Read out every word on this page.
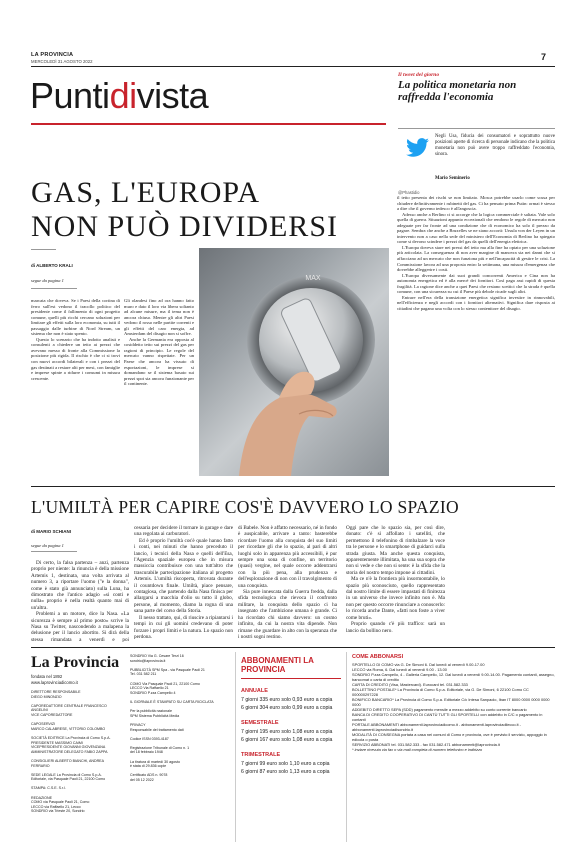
LA PROVINCIA
MERCOLEDÌ 31 AGOSTO 2022	7
Puntidivista	Il tweet del giorno
La politica monetaria non raffredda l'economia
Negli Usa, fiducia dei consumatori e soprattutto nuove posizioni aperte di ricerca di personale indicano che la politica monetaria non può avere troppo raffreddato l'economia, sinora.
Mario Seminerio
@Phastidio
GAS, L'EUROPA
NON PUÒ DIVIDERSI
di ALBERTO KRALI
segue da pagina 1

marcata che doveva. Se i Paesi della cortina di ferro sull'est vedono il tracollo politico del presidente come il fallimento di ogni progetto comune, quelli più ricchi cercano soluzioni per limitare gli effetti sulla loro economia, su tutti il passaggio dalle turbine di Nord Stream, un sistema che non è stato spento.

Questo lo scenario che ha indotto analisti e consulenti a chiedere un tetto ai prezzi che avevano messo di fronte alla Commissione la posizione più rigida. Il rischio è che ci si trovi con nuovi accordi bilaterali e con i prezzi del gas destinati a restare alti per mesi, con famiglie e imprese spinte a ridurre i consumi in misura crescente.

Gli olandesi fino ad ora hanno fatto muro e dato il loro via libera soltanto ad alcune misure, ma il tema non è ancora chiuso. Mentre gli altri Paesi vedono il rosso nelle partite correnti e gli effetti del caro energia, ad Amsterdam del disagio non si soffre.

Anche la Germania era opposta al cosiddetto tetto sui prezzi del gas per ragioni di principio. Le regole del mercato vanno rispettate. Per un Paese che ancora ha vissuto di esportazioni, le imprese si domandano se il sistema basato sui prezzi spot sia ancora funzionante per il continente.

MAX

il tetto presenta dei rischi se non limitato. Mosca potrebbe usarlo come scusa per chiudere definitivamente i rubinetti del gas. Ci ha pensato prima Putin: ormai è stesso a dire che il governo tedesco è all'angoscia.

Adesso anche a Berlino ci si accorge che la logica commerciale è saltata. Vale solo quella di guerra. Situazioni appunto eccezionali che rendono le regole di mercato non adeguate per far fronte ad una condizione che di economico ha solo il prezzo da pagare. Sembra che anche a Bruxelles se ne siano accorti: Ursula von der Leyen in un intervento non a caso nella sede del ministero dell'Economia di Berlino ha spiegato come si devono scindere i prezzi del gas da quelli dell'energia elettrica.

L'Europa doveva stare nei pressi del tetto ma alla fine ha optato per una soluzione più articolata. La conseguenza di non aver margine di manovra sta nei danni che si affacciano ad un mercato che non funziona più e nell'incapacità di gestire le crisi. La Commissione lavora ad una proposta entro la settimana, una misura d'emergenza che dovrebbe alleggerire i costi.

L'Europa diversamente dai suoi grandi concorrenti America e Cina non ha autonomia energetica ed è alla mercé dei fornitori. Così paga assi rapidi di questa fragilità. La ragione dice anche a quei Paesi che restano scettici che la strada è quella comune, con una sicurezza su cui il Paese più debole ricade sugli altri.

Entrare nell'era della transizione energetica significa investire in rinnovabili, nell'efficienza e negli accordi con i fornitori alternativi. Significa dare risposta ai cittadini che pagano una volta con lo stesso contenitore del disagio.

L'UMILTÀ PER CAPIRE COS'È DAVVERO LO SPAZIO
di MARIO SCHIANI
segue da pagina 1

Di certo, la falsa partenza – anzi, partenza proprio per niente: la rinuncia è della missione Artemis 1, destinata, una volta arrivata al numero 3, a riportare l'uomo ("e la donna", come è stato già annunciato) sulla Luna, ha dimostrato che l'antico adagio «si conti e nulla» proprio è nella realtà quanto mai di un'altra.

Problemi a un motore, dice la Nasa. «La sicurezza è sempre al primo posto» scrive la Nasa su Twitter, nascondendo a malapena la delusione per il lancio abortito. Si dirà della stessa rimandata a venerdì e poi

cessaria per decidere il tornare in garage e dare una regolata ai carburatori.

Ed è proprio l'umiltà cos'è quale hanno fatto i conti, nei minuti che hanno preceduto il lancio, i tecnici della Nasa e quelli dell'Esa, l'Agenzia spaziale europea che in misura massiccia contribuisce con una tutt'altro che trascurabile partecipazione italiana al progetto Artemis. L'umiltà riscoperta, ritrovata durante il countdown finale. Umiltà, piace pensare, contagiosa, che partendo dalla Nasa finisca per allargarsi a macchia d'olio su tutto il globo, persone, al momento, diamo la rogna di una sana parte del corso della Storia.

Il nesso trattato, qui, di riuscire a ripiantarsi i tempi in cui gli uomini credevano di poter forzare i propri limiti e la natura. Lo spazio non perdona.

di Babele. Non è affatto necessario, né in fondo è auspicabile, arrivare a tanto: basterebbe ricordare l'uomo alla conquista del suo limiti per ricordare gli che lo spazio, al pari di altri luoghi solo in apparenza più accessibili, è pur sempre una sona di confine, un territorio (quasi) vergine, nel quale occorre addentrarsi con la più pena, alla prudenza e dell'esplorazione di non con il travolgimento di una conquista.

Sia pure innescata dalla Guerra fredda, dalla sfida tecnologica che rievoca il confronto militare, la conquista dello spazio ci ha insegnato che l'ambizione umana è grande. Ci ha ricordato chi siamo davvero: un cosmo infinito, da cui la nostra vita dipende. Non rimane che guardare in alto con la speranza che i nostri sogni restino.

Oggi pare che lo spazio sia, per così dire, donato: c'è sì affollato i satelliti, che permettono il telefonino di rimbalzare la voce tra le persone e lo smartphone di guidarci sulla strada giusta. Ma anche questa conquista, apparentemente illimitata, ha una sua sopra che non si vede e che non si sente: è la sfida che la storia del nostro tempo impone ai cittadini.

Ma ce n'è la frontiera più insormontabile, lo spazio più sconosciuto, quello rappresentato dal nostro limite di essere impastati di finitezza in un universo che invece infinito non è. Ma non per questo occorre rinunciare a conoscerlo: lo ricorda anche Dante, «fatti non foste a viver come bruti».

Proprio quando c'è più traffico: sarà un lancio da bollino nero.

La Provincia
fondata nel 1892
www.laprovinciadicomo.it
DIRETTORE RESPONSABILE
DIEGO MINONZIO

CAPOREDATTORE CENTRALE FRANCESCO ANGELINI
VICE CAPOREDATTORE

CAPOSERVIZI
MARCO CALABRESE, VITTORIO COLOMBO

SOCIETÀ EDITRICE La Provincia di Como S.p.A.
PRESIDENTE MASSIMO CAIMI
VICEPRESIDENTE GIOVANNI GIOVENZANA
AMMINISTRATORE DELEGATO FABIO ZAPPA

CONSIGLIERI ALBERTO BIANCHI, ANDREA FERRARIO

SEDE LEGALE La Provincia di Como S.p.A.
Editoriale, via Pasquale Paoli 21, 22100 Como

STAMPA: C.S.E. S.r.l.

REDAZIONE
COMO via Pasquale Paoli 21, Como
LECCO via Raffaello 21, Lecco
SONDRIO via Trieste 20, Sondrio
SONDRIO Via G. Cesare Terzi 16
sondrio@laprovincia.it

PUBBLICITÀ SPM Spa - via Pasquale Paoli 21
Tel. 031 582 211

COMO Via Pasquale Paoli 21, 22100 Como
LECCO Via Raffaello 21
SONDRIO P.zza Campello 4

IL GIORNALE È STAMPATO SU CARTA RICICLATA

Per la pubblicità nazionale
SPM Sistema Pubblicità Media

PRIVACY
Responsabile del trattamento dati

Codice ISSN 0393-4187

Registrazione Tribunale di Como n. 1
del 18 febbraio 1948

La tiratura di martedì 30 agosto
è stata di 29.836 copie

Certificato ADS n. 9078
del 05 12 2022
ABBONAMENTI LA PROVINCIA
ANNUALE
7 giorni 335 euro solo 0,93 euro a copia
6 giorni 304 euro solo 0,99 euro a copia
SEMESTRALE
7 giorni 195 euro solo 1,08 euro a copia
6 giorni 167 euro solo 1,08 euro a copia
TRIMESTRALE
7 giorni 99 euro solo 1,10 euro a copia
6 giorni 87 euro solo 1,13 euro a copia
COME ABBONARSI
SPORTELLO DI COMO via G. De Simoni 6. Dal lunedì al venerdì 9.00-17.00
LECCO via Roma, 6. Dal lunedì al venerdì 9.00 - 13.00
SONDRIO P.zza Campello, 4 - Galleria Campello, 12. Dal lunedì a venerdì 9.00-14.00. Pagamento contanti, assegno, bancomat o carta di credito
CARTA DI CREDITO (Visa, Mastercard). Eurocard tel. 031.582.333
BOLLETTINO POSTALE* La Provincia di Como S.p.a. Editoriale, via G. De Simoni, 6 22100 Como CC 000000297228
BONIFICO BANCARIO* La Provincia di Como S.p.a. Editoriale C/c Intesa Sanpaolo, Iban IT 8000 0000 0000 0000 0000
ADDEBITO DIRETTO SEPA (SDD) pagamento mensile a mezzo addebito su conto corrente bancario
BANCA DI CREDITO COOPERATIVO DI CANTÙ TUTTI GLI SPORTELLI con addebito in C/C o pagamento in contanti
PORTALE ABBONAMENTI abbonamenti.laprovinciadicomo.it - abbonamenti.laprovinciadilecco.it - abbonamenti.laprovinciadisondrio.it
MODALITÀ DI CONSEGNA portata a casa nei comuni di Como e provincia, ove è previsto il servizio, appoggio in edicola o posta
SERVIZIO ABBONATI tel. 031.582.333 - fax 031.582.471 abbonamenti@laprovincia.it
* inviare ricevuta via fax o via mail completa di numero telefonico e indirizzo
